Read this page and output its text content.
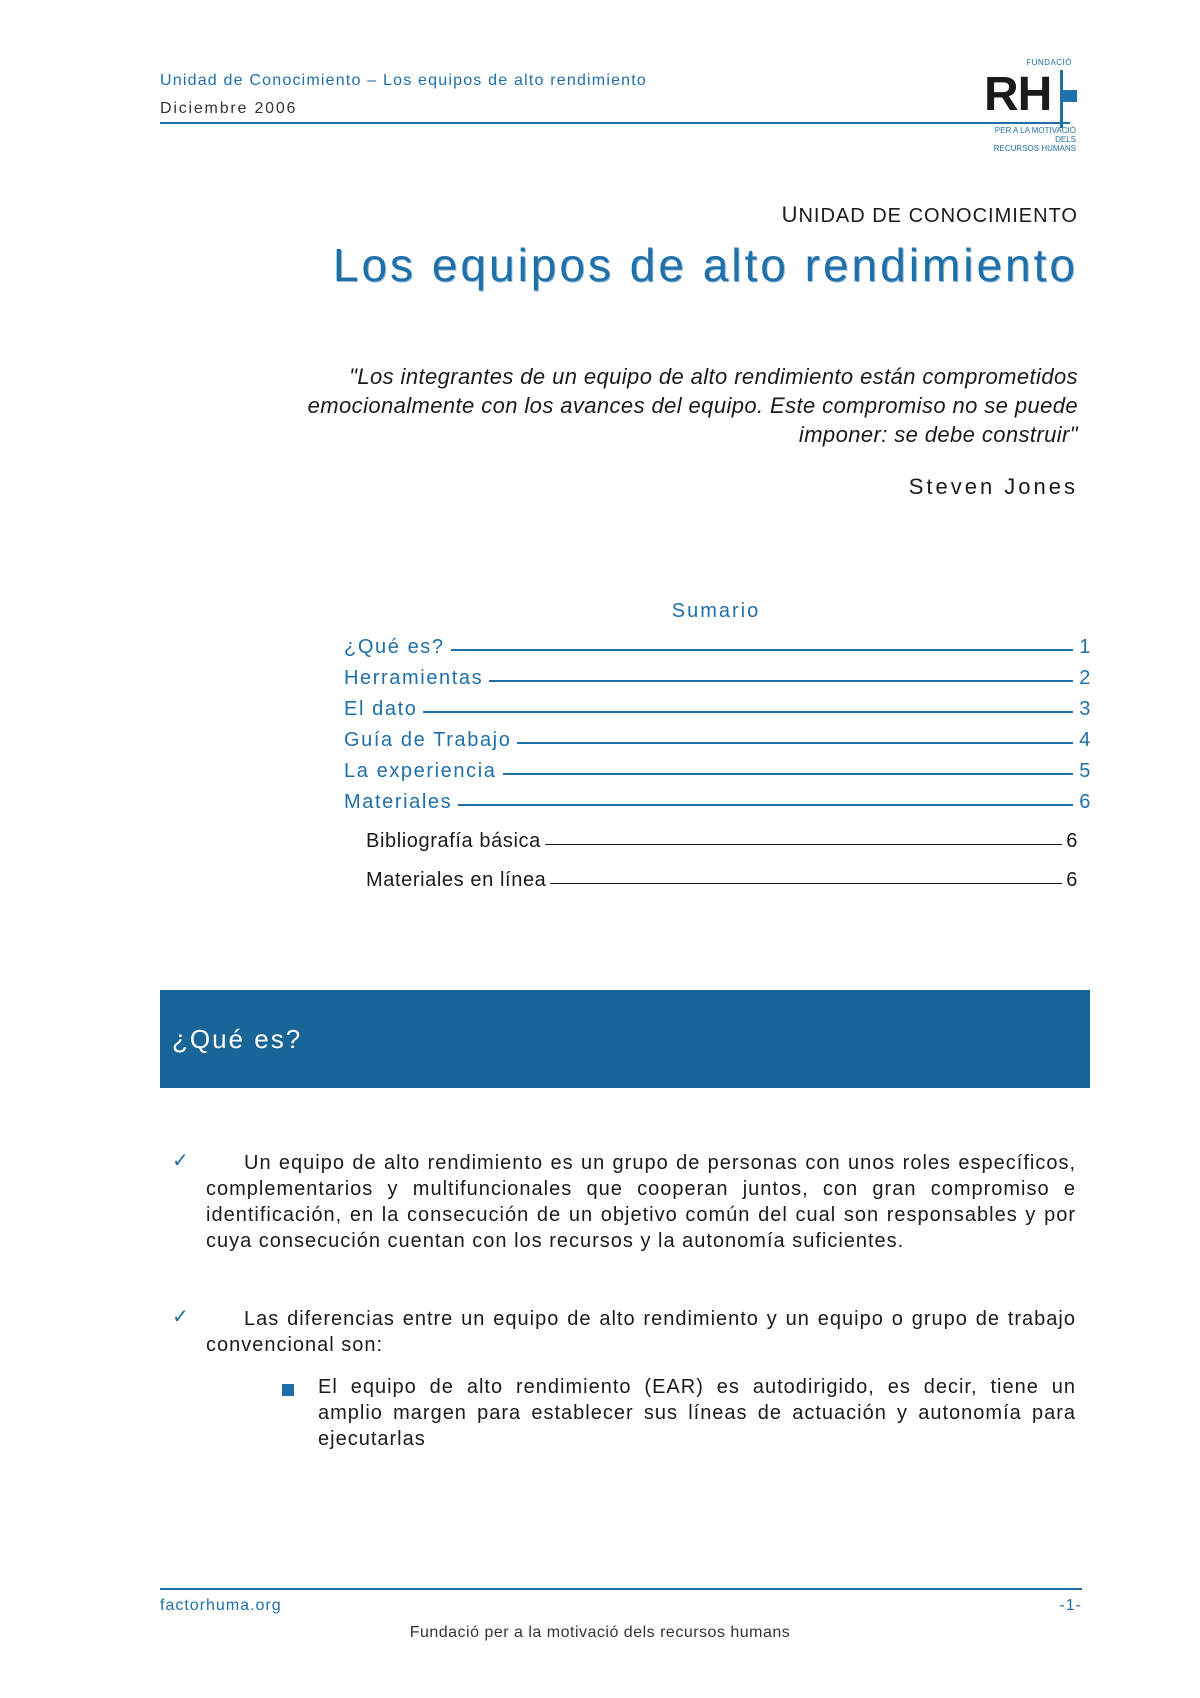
Unidad de Conocimiento – Los equipos de alto rendimiento
Diciembre 2006
FUNDACIÓ
RH
PER A LA MOTIVACIÓ DELS
RECURSOS HUMANS
UNIDAD DE CONOCIMIENTO
Los equipos de alto rendimiento
"Los integrantes de un equipo de alto rendimiento están comprometidos emocionalmente con los avances del equipo. Este compromiso no se puede imponer: se debe construir"
Steven Jones
Sumario
¿Qué es?	1
Herramientas	2
El dato	3
Guía de Trabajo	4
La experiencia	5
Materiales	6
Bibliografía básica	6
Materiales en línea	6
¿Qué es?
✓	Un equipo de alto rendimiento es un grupo de personas con unos roles específicos, complementarios y multifuncionales que cooperan juntos, con gran compromiso e identificación, en la consecución de un objetivo común del cual son responsables y por cuya consecución cuentan con los recursos y la autonomía suficientes.
✓	Las diferencias entre un equipo de alto rendimiento y un equipo o grupo de trabajo convencional son:
El equipo de alto rendimiento (EAR) es autodirigido, es decir, tiene un amplio margen para establecer sus líneas de actuación y autonomía para ejecutarlas
factorhuma.org	-1-
Fundació per a la motivació dels recursos humans
